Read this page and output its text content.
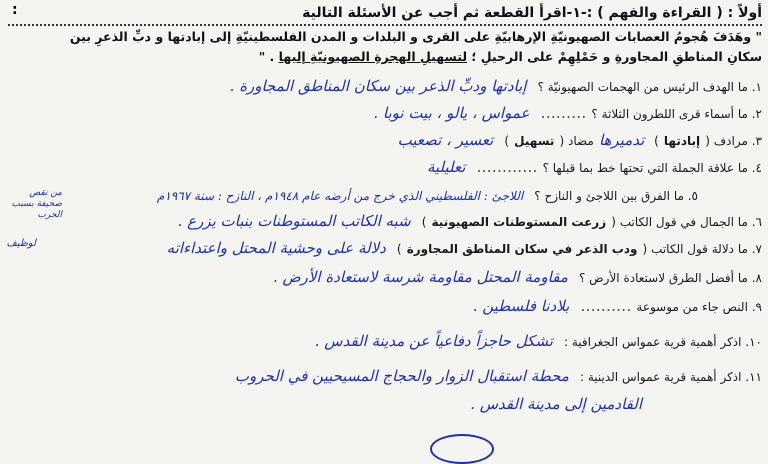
أولاً : ( القراءة والفهم ) :-١-اقرأ القطعة ثم أجب عن الأسئلة التالية
:
" وهَدَفَ هُجومُ العصابات الصهيونيّةِ الإرهابيّةِ على القرى و البلدات و المدن الفلسطينيّةِ إلى إبادتها و دبِّ الذعرِ بين
سكانِ المناطقِ المجاورةِ و حَمْلِهِمْ على الرحيلِ ؛ لتسهيلِ الهجرةِ الصهيونيّةِ إليها . "
١. ما الهدف الرئيس من الهجمات الصهيونيّة ؟ إبادتها ودبِّ الذعر بين سكان المناطق المجاورة .
٢. ما أسماء قرى اللطرون الثلاثة ؟ ......... عمواس ، يالو ، بيت نوبا .
٣. مرادف ( إبادتها ) تدميرها مضاد ( تسهيل ) تعسير ، تصعيب
٤. ما علاقة الجملة التي تحتها خط بما قبلها ؟ ............ تعليلية
٥. ما الفرق بين اللاجئ و النازح ؟ اللاجئ : الفلسطيني الذي خرج من أرضه عام ١٩٤٨م ، النازح : سنة ١٩٦٧م
٦. ما الجمال في قول الكاتب ( زرعت المستوطنات الصهيونية ) شبه الكاتب المستوطنات بنبات يزرع .
٧. ما دلالة قول الكاتب ( ودب الذعر في سكان المناطق المجاورة ) دلالة على وحشية المحتل واعتداءاته
٨. ما أفضل الطرق لاستعادة الأرض ؟ مقاومة المحتل مقاومة شرسة لاستعادة الأرض .
٩. النص جاء من موسوعة .......... بلادنا فلسطين .
١٠. اذكر أهمية قرية عمواس الجغرافية : تشكل حاجزاً دفاعياً عن مدينة القدس .
١١. اذكر أهمية قرية عمواس الدينية : محطة استقبال الزوار والحجاج المسيحيين في الحروب
القادمين إلى مدينة القدس .
من نقص صحيفة بسبب الحرب
لوظيف
